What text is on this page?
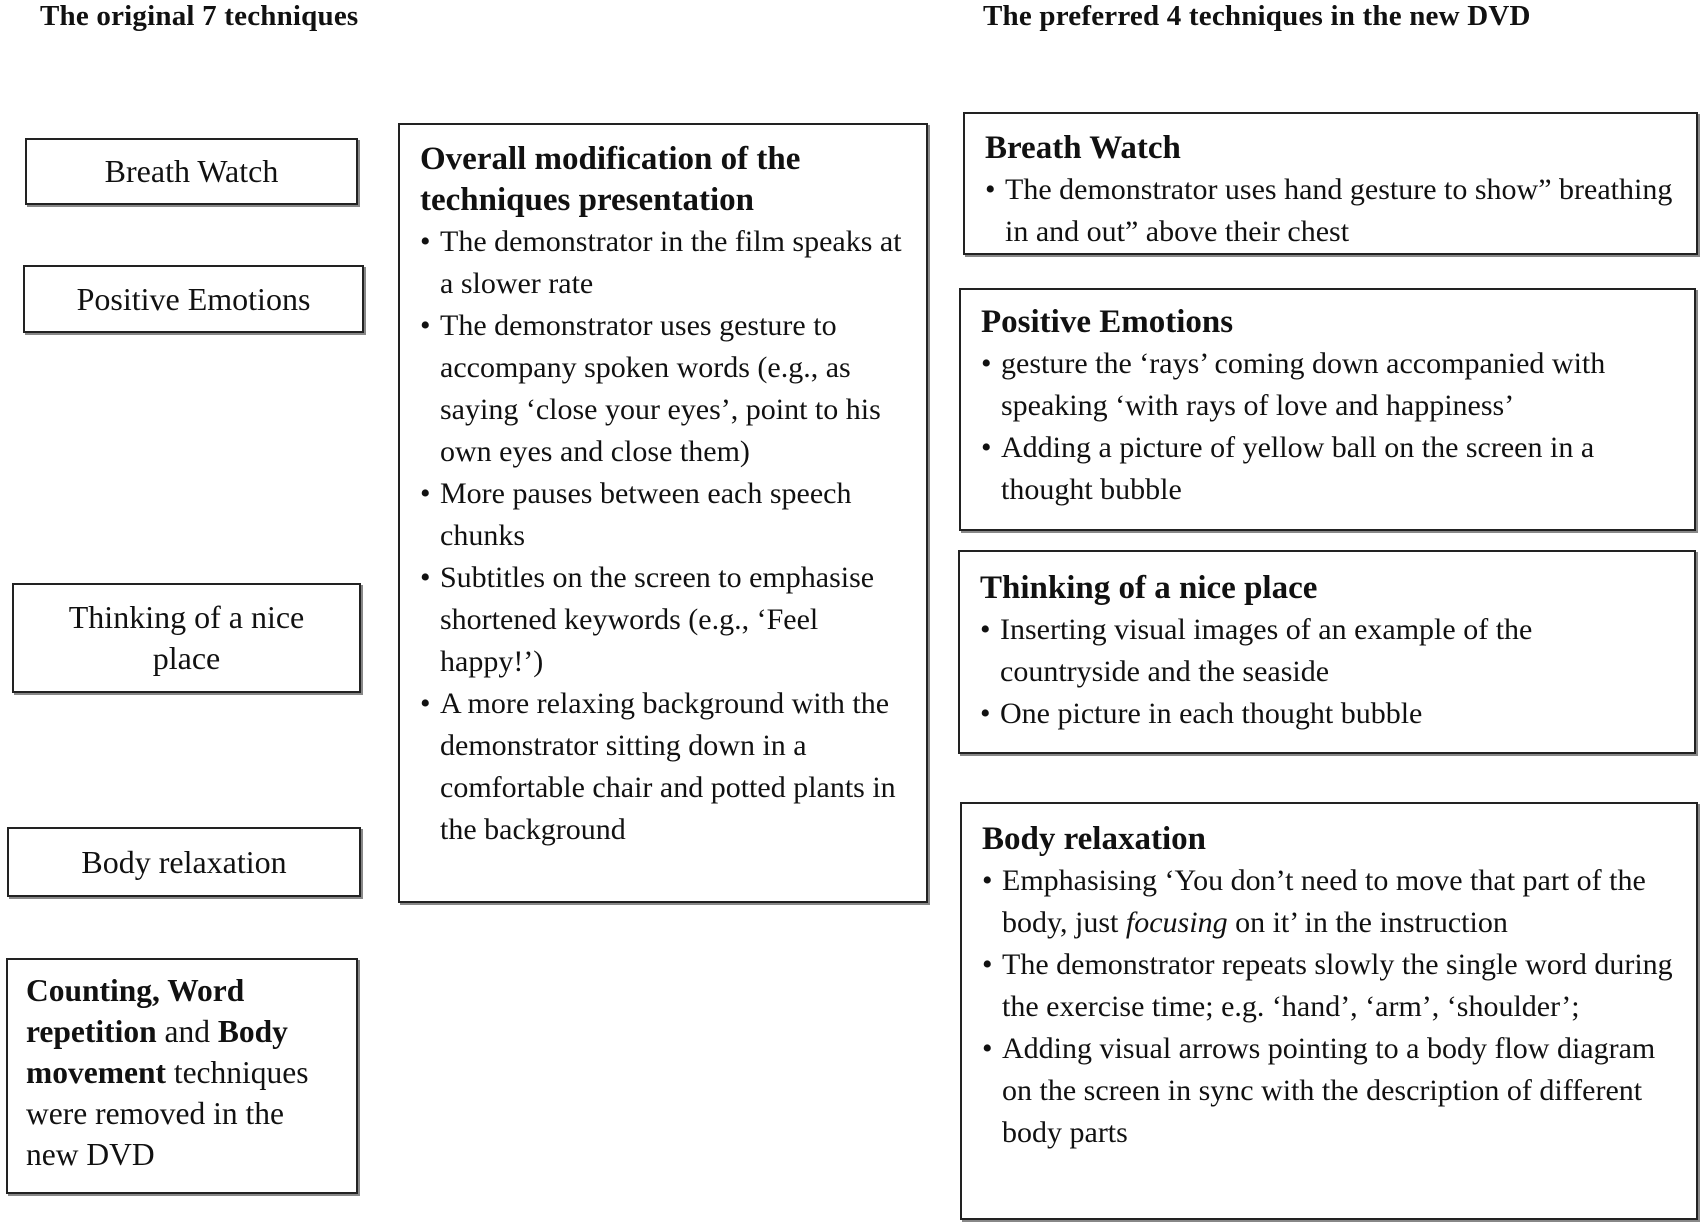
The original 7 techniques	The preferred 4 techniques in the new DVD
Breath Watch
Positive Emotions
Thinking of a nice place
Body relaxation
Counting, Word repetition and Body movement techniques were removed in the new DVD
Overall modification of the techniques presentation
• The demonstrator in the film speaks at a slower rate
• The demonstrator uses gesture to accompany spoken words (e.g., as saying ‘close your eyes’, point to his own eyes and close them)
• More pauses between each speech chunks
• Subtitles on the screen to emphasise shortened keywords (e.g., ‘Feel happy!’)
• A more relaxing background with the demonstrator sitting down in a comfortable chair and potted plants in the background
Breath Watch
• The demonstrator uses hand gesture to show” breathing in and out” above their chest
Positive Emotions
• gesture the ‘rays’ coming down accompanied with speaking ‘with rays of love and happiness’
• Adding a picture of yellow ball on the screen in a thought bubble
Thinking of a nice place
• Inserting visual images of an example of the countryside and the seaside
• One picture in each thought bubble
Body relaxation
• Emphasising ‘You don’t need to move that part of the body, just focusing on it’ in the instruction
• The demonstrator repeats slowly the single word during the exercise time; e.g. ‘hand’, ‘arm’, ‘shoulder’;
• Adding visual arrows pointing to a body flow diagram on the screen in sync with the description of different body parts
